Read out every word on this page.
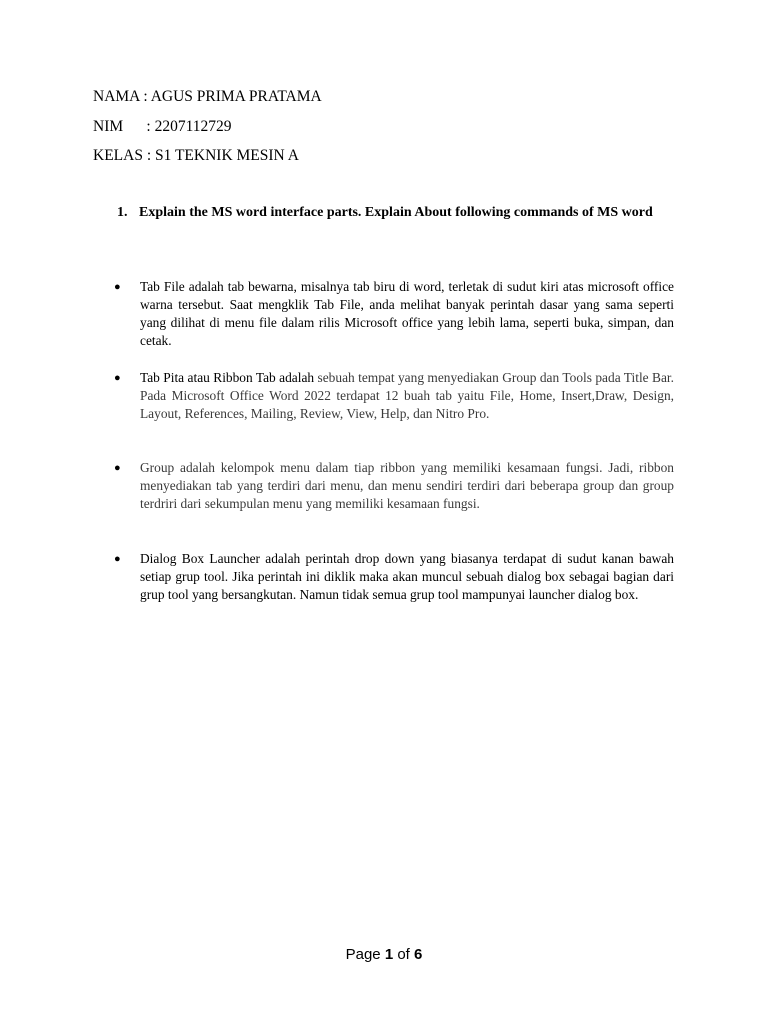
NAMA : AGUS PRIMA PRATAMA
NIM      : 2207112729
KELAS : S1 TEKNIK MESIN A
1. Explain the MS word interface parts. Explain About following commands of MS word
●	Tab File adalah tab bewarna, misalnya tab biru di word, terletak di sudut kiri atas microsoft office warna tersebut. Saat mengklik Tab File, anda melihat banyak perintah dasar yang sama seperti yang dilihat di menu file dalam rilis Microsoft office yang lebih lama, seperti buka, simpan, dan cetak.
●	Tab Pita atau Ribbon Tab adalah sebuah tempat yang menyediakan Group dan Tools pada Title Bar. Pada Microsoft Office Word 2022 terdapat 12 buah tab yaitu File, Home, Insert,Draw, Design, Layout, References, Mailing, Review, View, Help, dan Nitro Pro.
●	Group adalah kelompok menu dalam tiap ribbon yang memiliki kesamaan fungsi. Jadi, ribbon menyediakan tab yang terdiri dari menu, dan menu sendiri terdiri dari beberapa group dan group terdriri dari sekumpulan menu yang memiliki kesamaan fungsi.
●	Dialog Box Launcher adalah perintah drop down yang biasanya terdapat di sudut kanan bawah setiap grup tool. Jika perintah ini diklik maka akan muncul sebuah dialog box sebagai bagian dari grup tool yang bersangkutan. Namun tidak semua grup tool mampunyai launcher dialog box.
Page 1 of 6
